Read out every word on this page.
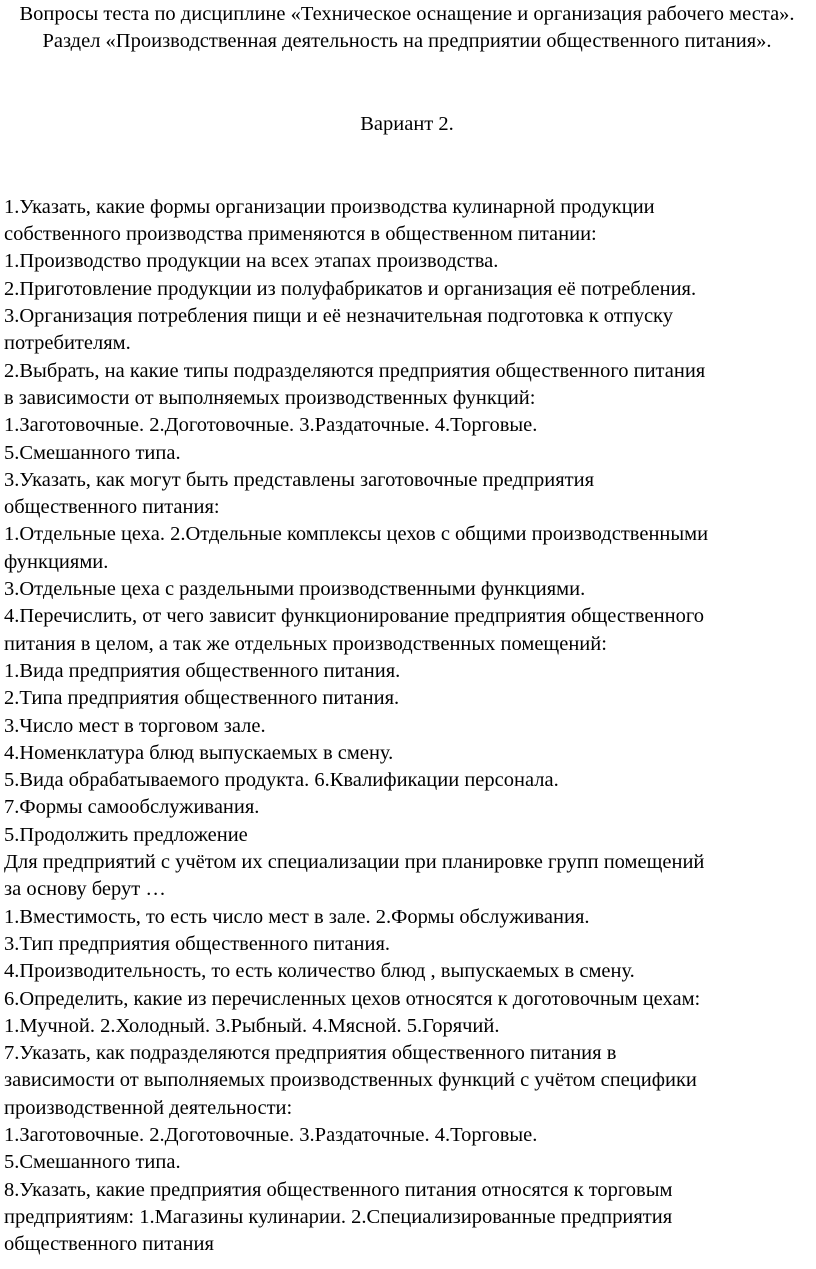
Вопросы теста по дисциплине «Техническое оснащение и организация рабочего места». Раздел «Производственная деятельность на предприятии общественного питания».

Вариант 2.

1.Указать, какие формы организации производства кулинарной продукции

собственного производства применяются в общественном питании:

1.Производство продукции на всех этапах производства.

2.Приготовление продукции из полуфабрикатов и организация её потребления.

3.Организация потребления пищи и её незначительная подготовка к отпуску

потребителям.

2.Выбрать, на какие типы подразделяются предприятия общественного питания

в зависимости от выполняемых производственных функций:

1.Заготовочные. 2.Доготовочные. 3.Раздаточные. 4.Торговые.

5.Смешанного типа.

3.Указать, как могут быть представлены заготовочные предприятия

общественного питания:

1.Отдельные цеха. 2.Отдельные комплексы цехов с общими производственными

функциями.

3.Отдельные цеха с раздельными производственными функциями.

4.Перечислить, от чего зависит функционирование предприятия общественного

питания в целом, а так же отдельных производственных помещений:

1.Вида предприятия общественного питания.

2.Типа предприятия общественного питания.

3.Число мест в торговом зале.

4.Номенклатура блюд выпускаемых в смену.

5.Вида обрабатываемого продукта. 6.Квалификации персонала.

7.Формы самообслуживания.

5.Продолжить предложение

Для предприятий с учётом их специализации при планировке групп помещений

за основу берут …

1.Вместимость, то есть число мест в зале. 2.Формы обслуживания.

3.Тип предприятия общественного питания.

4.Производительность, то есть количество блюд , выпускаемых в смену.

6.Определить, какие из перечисленных цехов относятся к доготовочным цехам:

1.Мучной. 2.Холодный. 3.Рыбный. 4.Мясной. 5.Горячий.

7.Указать, как подразделяются предприятия общественного питания в

зависимости от выполняемых производственных функций с учётом специфики

производственной деятельности:

1.Заготовочные. 2.Доготовочные. 3.Раздаточные. 4.Торговые.

5.Смешанного типа.

8.Указать, какие предприятия общественного питания относятся к торговым

предприятиям: 1.Магазины кулинарии. 2.Специализированные предприятия

общественного питания
